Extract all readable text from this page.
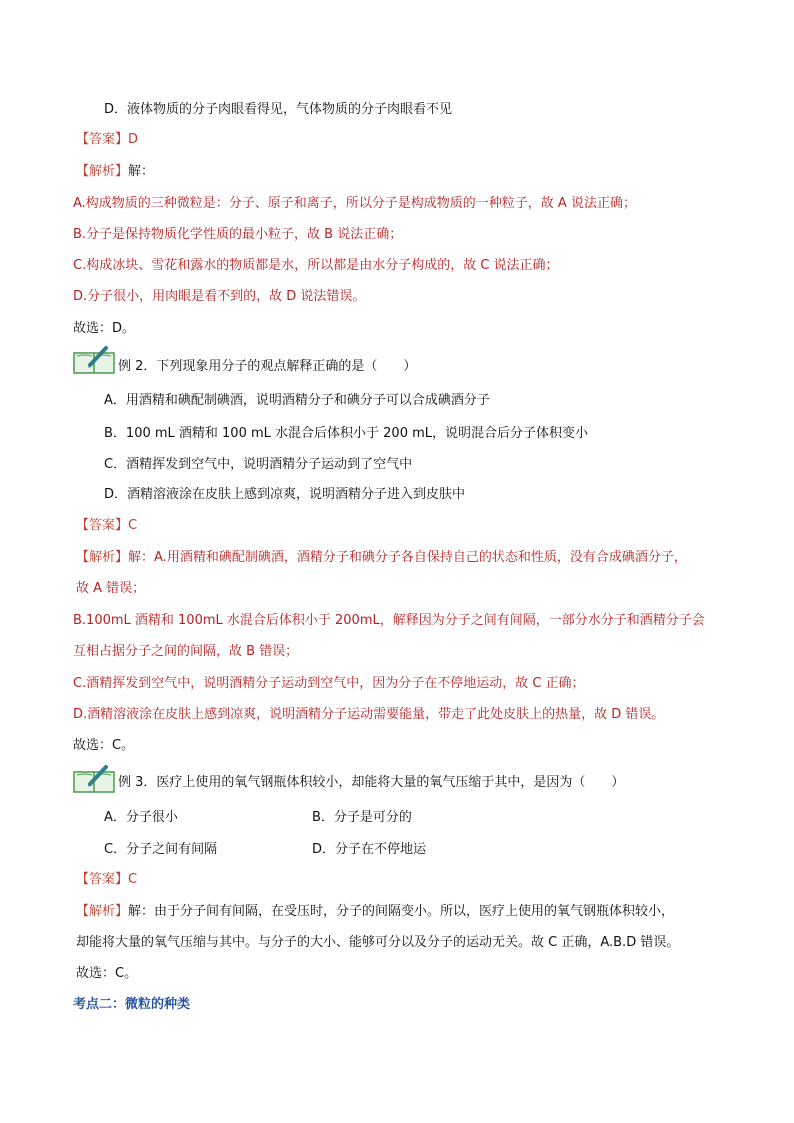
D．液体物质的分子肉眼看得见，气体物质的分子肉眼看不见
【答案】D
【解析】解：
A.构成物质的三种微粒是：分子、原子和离子，所以分子是构成物质的一种粒子，故 A 说法正确；
B.分子是保持物质化学性质的最小粒子，故 B 说法正确；
C.构成冰块、雪花和露水的物质都是水，所以都是由水分子构成的，故 C 说法正确；
D.分子很小，用肉眼是看不到的，故 D 说法错误。
故选：D。
例 2．下列现象用分子的观点解释正确的是（　　）
A．用酒精和碘配制碘酒，说明酒精分子和碘分子可以合成碘酒分子
B．100 mL 酒精和 100 mL 水混合后体积小于 200 mL，说明混合后分子体积变小
C．酒精挥发到空气中，说明酒精分子运动到了空气中
D．酒精溶液涂在皮肤上感到凉爽，说明酒精分子进入到皮肤中
【答案】C
【解析】解：A.用酒精和碘配制碘酒，酒精分子和碘分子各自保持自己的状态和性质，没有合成碘酒分子，
故 A 错误；
B.100mL 酒精和 100mL 水混合后体积小于 200mL，解释因为分子之间有间隔，一部分水分子和酒精分子会
互相占据分子之间的间隔，故 B 错误；
C.酒精挥发到空气中，说明酒精分子运动到空气中，因为分子在不停地运动，故 C 正确；
D.酒精溶液涂在皮肤上感到凉爽，说明酒精分子运动需要能量，带走了此处皮肤上的热量，故 D 错误。
故选：C。
例 3．医疗上使用的氧气钢瓶体积较小，却能将大量的氧气压缩于其中，是因为（　　）
A．分子很小	B．分子是可分的
C．分子之间有间隔	D．分子在不停地运
【答案】C
【解析】解：由于分子间有间隔，在受压时，分子的间隔变小。所以，医疗上使用的氧气钢瓶体积较小，
却能将大量的氧气压缩与其中。与分子的大小、能够可分以及分子的运动无关。故 C 正确，A.B.D 错误。
故选：C。
考点二：微粒的种类
